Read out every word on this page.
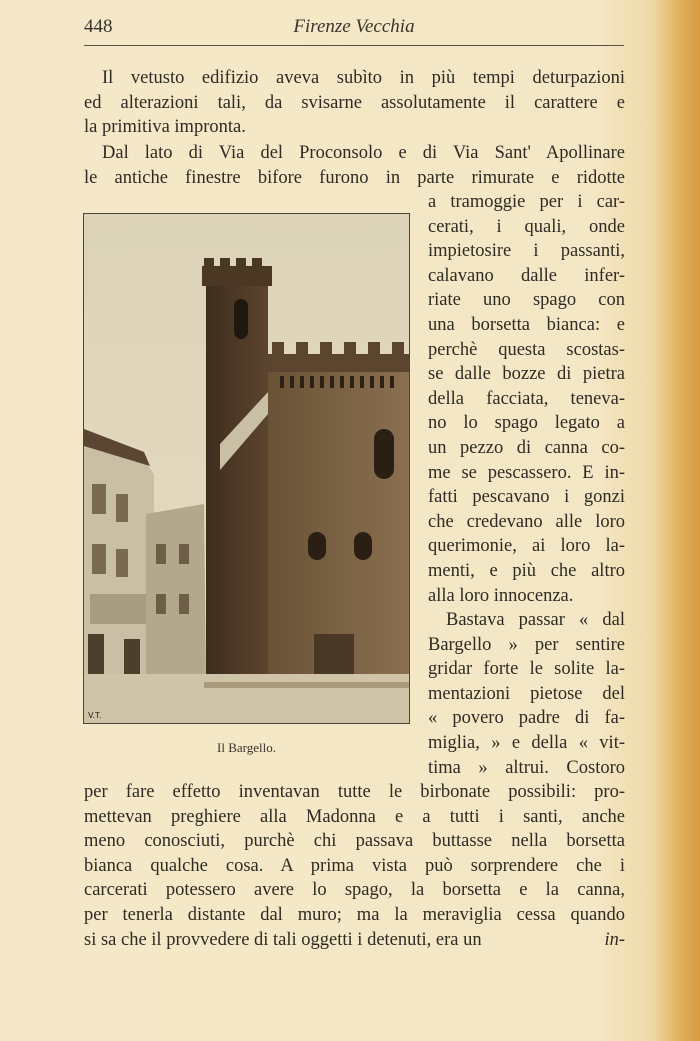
448	Firenze Vecchia
Il vetusto edifizio aveva subìto in più tempi deturpazioni
ed alterazioni tali, da svisarne assolutamente il carattere e
la primitiva impronta.
Dal lato di Via del Proconsolo e di Via Sant' Apollinare
le antiche finestre bifore furono in parte rimurate e ridotte
a tramoggie per i car-
cerati, i quali, onde
impietosire i passanti,
calavano dalle infer-
riate uno spago con
una borsetta bianca: e
perchè questa scostas-
se dalle bozze di pietra
della facciata, teneva-
no lo spago legato a
un pezzo di canna co-
me se pescassero. E in-
fatti pescavano i gonzi
che credevano alle loro
querimonie, ai loro la-
menti, e più che altro
alla loro innocenza.
Bastava passar « dal
Bargello » per sentire
gridar forte le solite la-
mentazioni pietose del
« povero padre di fa-
miglia, » e della « vit-
tima » altrui. Costoro
V.T.
Il Bargello.
per fare effetto inventavan tutte le birbonate possibili: pro-
mettevan preghiere alla Madonna e a tutti i santi, anche
meno conosciuti, purchè chi passava buttasse nella borsetta
bianca qualche cosa. A prima vista può sorprendere che i
carcerati potessero avere lo spago, la borsetta e la canna,
per tenerla distante dal muro; ma la meraviglia cessa quando
si sa che il provvedere di tali oggetti i detenuti, era un	in-
